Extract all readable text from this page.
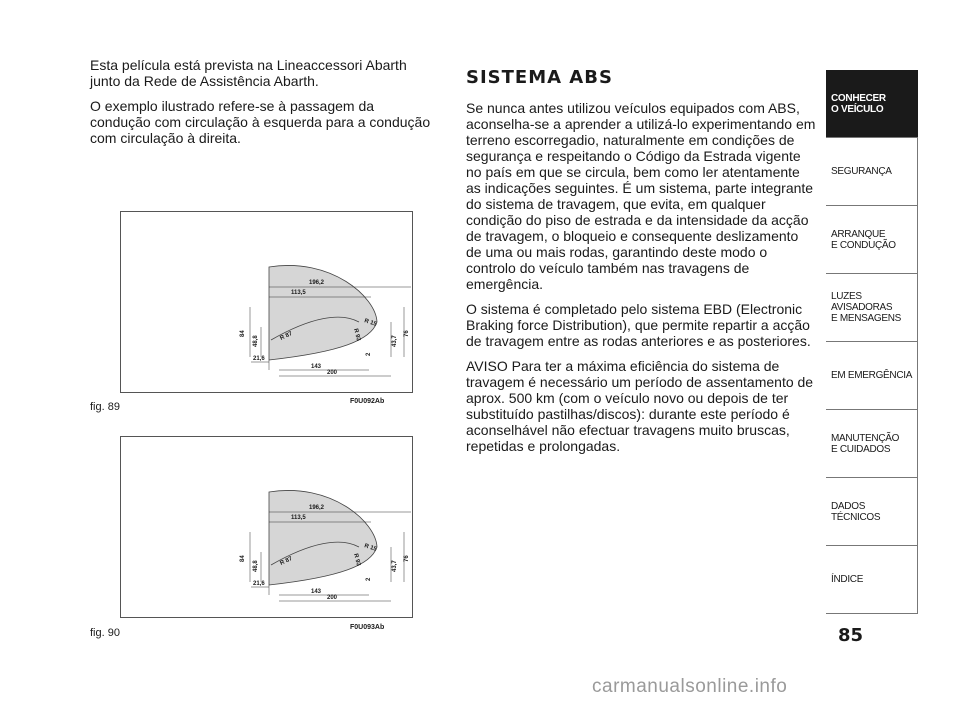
Esta película está prevista na Lineaccessori Abarth junto da Rede de Assistência Abarth.

O exemplo ilustrado refere-se à passagem da condução com circulação à esquerda para a condução com circulação à direita.

196,2
113,5
R 15
R 87	R 93
84
48,8	43,7
76
2
21,6
143
200
fig. 89	F0U092Ab
196,2
113,5
R 15
R 87	R 93
84
48,8	43,7
76
2
21,6
143
200
fig. 90	F0U093Ab
SISTEMA ABS

Se nunca antes utilizou veículos equipados com ABS, aconselha-se a aprender a utilizá-lo experimentando em terreno escorregadio, naturalmente em condições de segurança e respeitando o Código da Estrada vigente no país em que se circula, bem como ler atentamente as indicações seguintes. É um sistema, parte integrante do sistema de travagem, que evita, em qualquer condição do piso de estrada e da intensidade da acção de travagem, o bloqueio e consequente deslizamento de uma ou mais rodas, garantindo deste modo o controlo do veículo também nas travagens de emergência.

O sistema é completado pelo sistema EBD (Electronic Braking force Distribution), que permite repartir a acção de travagem entre as rodas anteriores e as posteriores.

AVISO Para ter a máxima eficiência do sistema de travagem é necessário um período de assentamento de aprox. 500 km (com o veículo novo ou depois de ter substituído pastilhas/discos): durante este período é aconselhável não efectuar travagens muito bruscas, repetidas e prolongadas.

CONHECER
O VEÍCULO
SEGURANÇA
ARRANQUE
E CONDUÇÃO
LUZES
AVISADORAS
E MENSAGENS
EM EMERGÊNCIA
MANUTENÇÃO
E CUIDADOS
DADOS
TÉCNICOS
ÍNDICE
85
carmanualsonline.info
